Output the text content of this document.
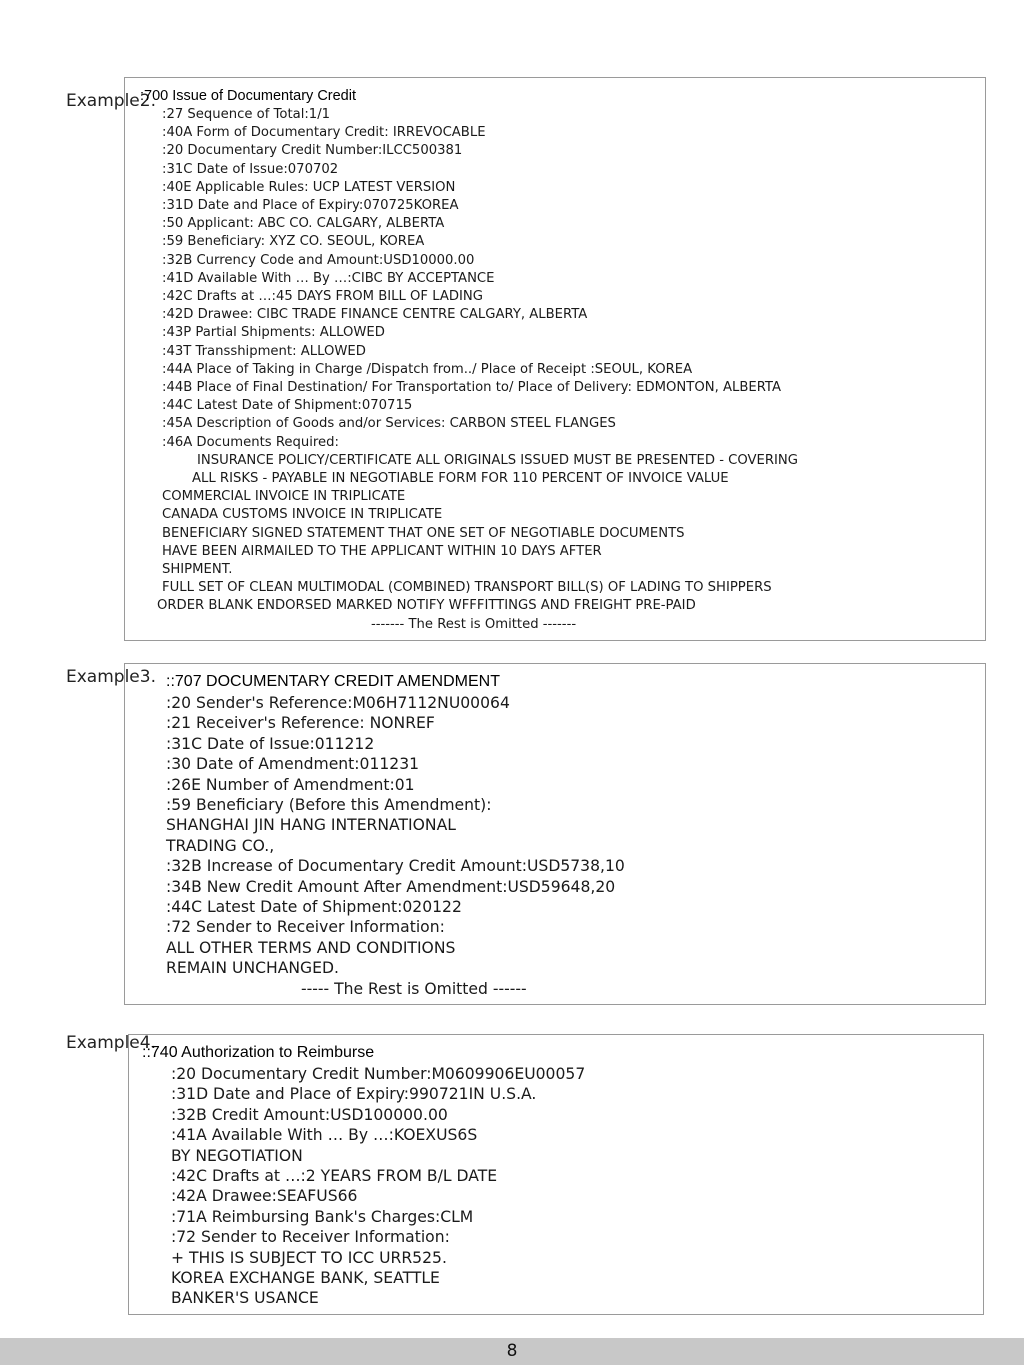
Example2.
:700 Issue of Documentary Credit
:27 Sequence of Total:1/1
:40A Form of Documentary Credit: IRREVOCABLE
:20 Documentary Credit Number:ILCC500381
:31C Date of Issue:070702
:40E Applicable Rules: UCP LATEST VERSION
:31D Date and Place of Expiry:070725KOREA
:50 Applicant: ABC CO. CALGARY, ALBERTA
:59 Beneficiary: XYZ CO. SEOUL, KOREA
:32B Currency Code and Amount:USD10000.00
:41D Available With … By …:CIBC BY ACCEPTANCE
:42C Drafts at …:45 DAYS FROM BILL OF LADING
:42D Drawee: CIBC TRADE FINANCE CENTRE CALGARY, ALBERTA
:43P Partial Shipments: ALLOWED
:43T Transshipment: ALLOWED
:44A Place of Taking in Charge /Dispatch from../ Place of Receipt :SEOUL, KOREA
:44B Place of Final Destination/ For Transportation to/ Place of Delivery: EDMONTON, ALBERTA
:44C Latest Date of Shipment:070715
:45A Description of Goods and/or Services: CARBON STEEL FLANGES
:46A Documents Required:
INSURANCE POLICY/CERTIFICATE ALL ORIGINALS ISSUED MUST BE PRESENTED - COVERING
ALL RISKS - PAYABLE IN NEGOTIABLE FORM FOR 110 PERCENT OF INVOICE VALUE
COMMERCIAL INVOICE IN TRIPLICATE
CANADA CUSTOMS INVOICE IN TRIPLICATE
BENEFICIARY SIGNED STATEMENT THAT ONE SET OF NEGOTIABLE DOCUMENTS
HAVE BEEN AIRMAILED TO THE APPLICANT WITHIN 10 DAYS AFTER
SHIPMENT.
FULL SET OF CLEAN MULTIMODAL (COMBINED) TRANSPORT BILL(S) OF LADING TO SHIPPERS
ORDER BLANK ENDORSED MARKED NOTIFY WFFFITTINGS AND FREIGHT PRE-PAID
------- The Rest is Omitted -------
Example3. ::707 DOCUMENTARY CREDIT AMENDMENT
:20 Sender's Reference:M06H7112NU00064
:21 Receiver's Reference: NONREF
:31C Date of Issue:011212
:30 Date of Amendment:011231
:26E Number of Amendment:01
:59 Beneficiary (Before this Amendment):
SHANGHAI JIN HANG INTERNATIONAL
TRADING CO.,
:32B Increase of Documentary Credit Amount:USD5738,10
:34B New Credit Amount After Amendment:USD59648,20
:44C Latest Date of Shipment:020122
:72 Sender to Receiver Information:
ALL OTHER TERMS AND CONDITIONS
REMAIN UNCHANGED.
----- The Rest is Omitted ------
Example4.
::740 Authorization to Reimburse
:20 Documentary Credit Number:M0609906EU00057
:31D Date and Place of Expiry:990721IN U.S.A.
:32B Credit Amount:USD100000.00
:41A Available With … By …:KOEXUS6S
BY NEGOTIATION
:42C Drafts at …:2 YEARS FROM B/L DATE
:42A Drawee:SEAFUS66
:71A Reimbursing Bank's Charges:CLM
:72 Sender to Receiver Information:
+ THIS IS SUBJECT TO ICC URR525.
KOREA EXCHANGE BANK, SEATTLE
BANKER'S USANCE
8
